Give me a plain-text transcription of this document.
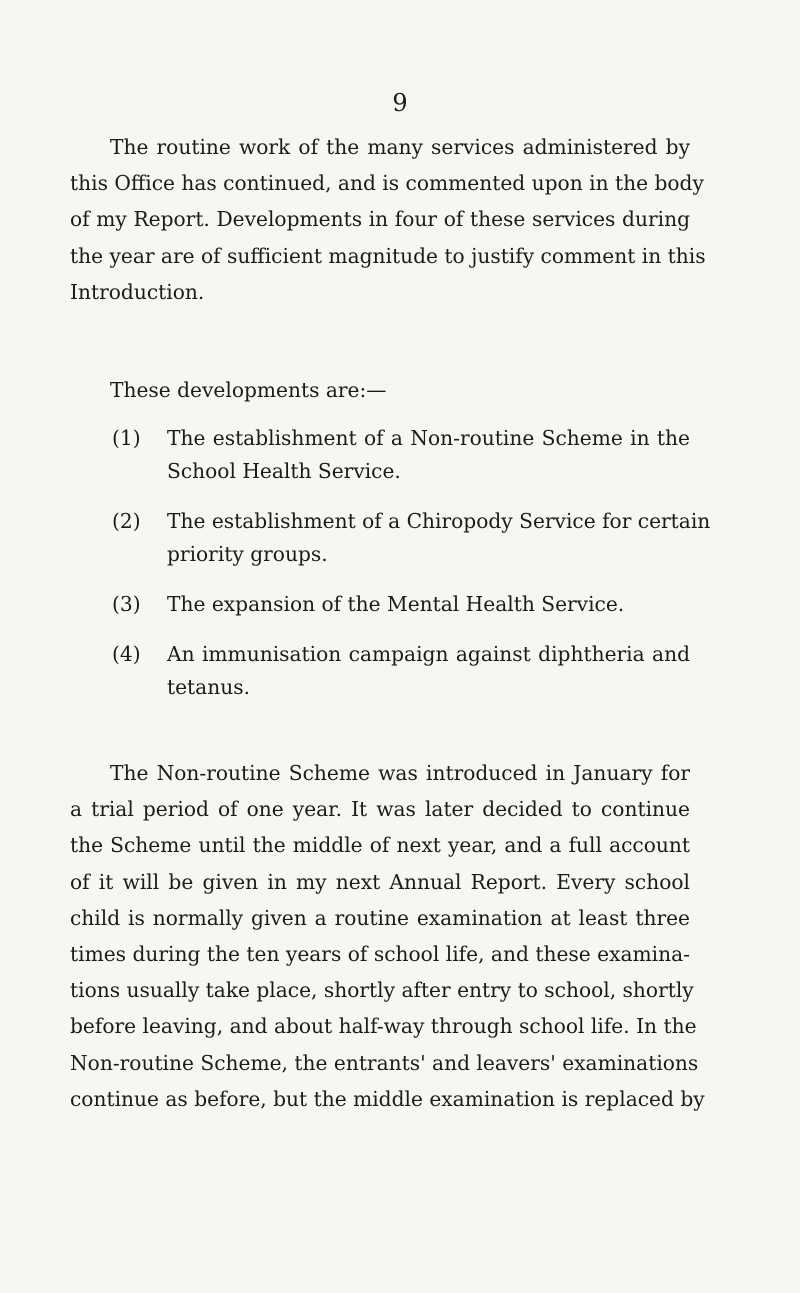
9
The routine work of the many services administered by
this Office has continued, and is commented upon in the body
of my Report. Developments in four of these services during
the year are of sufficient magnitude to justify comment in this
Introduction.
These developments are:—
(1) The establishment of a Non-routine Scheme in the
School Health Service.
(2) The establishment of a Chiropody Service for certain
priority groups.
(3) The expansion of the Mental Health Service.
(4) An immunisation campaign against diphtheria and
tetanus.
The Non-routine Scheme was introduced in January for
a trial period of one year. It was later decided to continue
the Scheme until the middle of next year, and a full account
of it will be given in my next Annual Report. Every school
child is normally given a routine examination at least three
times during the ten years of school life, and these examina-
tions usually take place, shortly after entry to school, shortly
before leaving, and about half-way through school life. In the
Non-routine Scheme, the entrants' and leavers' examinations
continue as before, but the middle examination is replaced by
